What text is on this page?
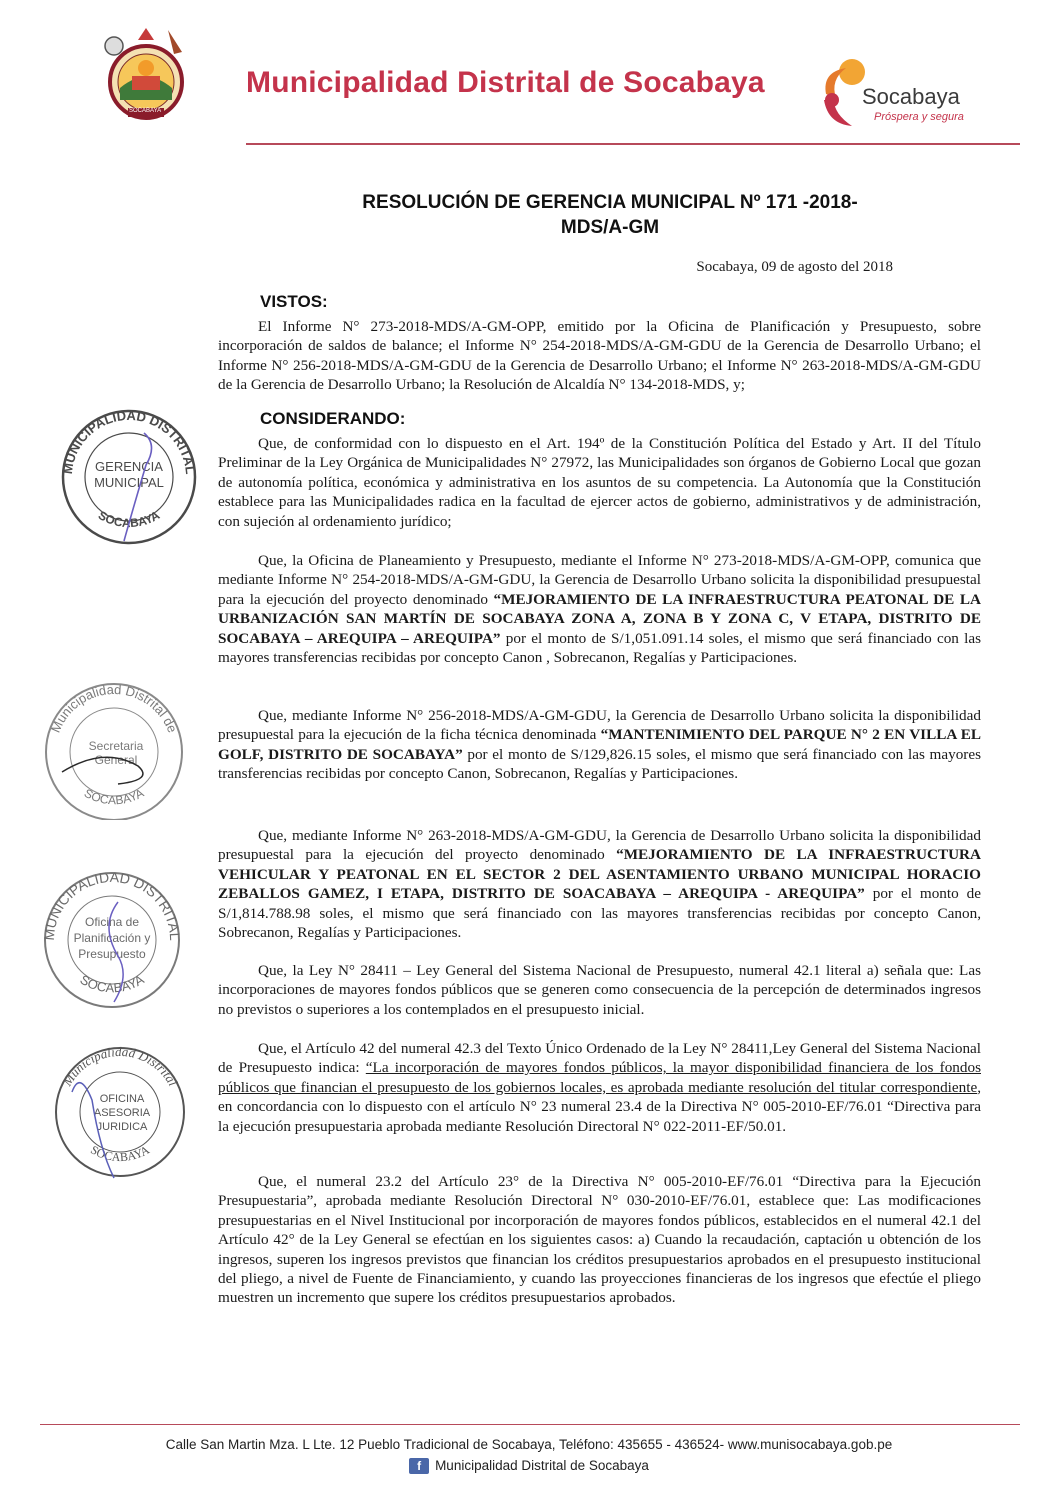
SOCABAYA
Municipalidad Distrital de Socabaya	Socabaya
Próspera y segura
RESOLUCIÓN DE GERENCIA MUNICIPAL Nº 171 -2018-
MDS/A-GM
Socabaya, 09 de agosto del 2018
VISTOS:
El Informe N° 273-2018-MDS/A-GM-OPP, emitido por la Oficina de Planificación y Presupuesto, sobre incorporación de saldos de balance; el Informe N° 254-2018-MDS/A-GM-GDU de la Gerencia de Desarrollo Urbano; el Informe N° 256-2018-MDS/A-GM-GDU de la Gerencia de Desarrollo Urbano; el Informe N° 263-2018-MDS/A-GM-GDU de la Gerencia de Desarrollo Urbano; la Resolución de Alcaldía N° 134-2018-MDS, y;
CONSIDERANDO:
Que, de conformidad con lo dispuesto en el Art. 194º de la Constitución Política del Estado y Art. II del Título Preliminar de la Ley Orgánica de Municipalidades N° 27972, las Municipalidades son órganos de Gobierno Local que gozan de autonomía política, económica y administrativa en los asuntos de su competencia. La Autonomía que la Constitución establece para las Municipalidades radica en la facultad de ejercer actos de gobierno, administrativos y de administración, con sujeción al ordenamiento jurídico;
Que, la Oficina de Planeamiento y Presupuesto, mediante el Informe N° 273-2018-MDS/A-GM-OPP, comunica que mediante Informe N° 254-2018-MDS/A-GM-GDU, la Gerencia de Desarrollo Urbano solicita la disponibilidad presupuestal para la ejecución del proyecto denominado “MEJORAMIENTO DE LA INFRAESTRUCTURA PEATONAL DE LA URBANIZACIÓN SAN MARTÍN DE SOCABAYA ZONA A, ZONA B Y ZONA C, V ETAPA, DISTRITO DE SOCABAYA – AREQUIPA – AREQUIPA” por el monto de S/1,051.091.14 soles, el mismo que será financiado con las mayores transferencias recibidas por concepto Canon , Sobrecanon, Regalías y Participaciones.
Que, mediante Informe N° 256-2018-MDS/A-GM-GDU, la Gerencia de Desarrollo Urbano solicita la disponibilidad presupuestal para la ejecución de la ficha técnica denominada “MANTENIMIENTO DEL PARQUE N° 2 EN VILLA EL GOLF, DISTRITO DE SOCABAYA” por el monto de S/129,826.15 soles, el mismo que será financiado con las mayores transferencias recibidas por concepto Canon, Sobrecanon, Regalías y Participaciones.
Que, mediante Informe N° 263-2018-MDS/A-GM-GDU, la Gerencia de Desarrollo Urbano solicita la disponibilidad presupuestal para la ejecución del proyecto denominado “MEJORAMIENTO DE LA INFRAESTRUCTURA VEHICULAR Y PEATONAL EN EL SECTOR 2 DEL ASENTAMIENTO URBANO MUNICIPAL HORACIO ZEBALLOS GAMEZ, I ETAPA, DISTRITO DE SOACABAYA – AREQUIPA - AREQUIPA” por el monto de S/1,814.788.98 soles, el mismo que será financiado con las mayores transferencias recibidas por concepto Canon, Sobrecanon, Regalías y Participaciones.
Que, la Ley N° 28411 – Ley General del Sistema Nacional de Presupuesto, numeral 42.1 literal a) señala que: Las incorporaciones de mayores fondos públicos que se generen como consecuencia de la percepción de determinados ingresos no previstos o superiores a los contemplados en el presupuesto inicial.
Que, el Artículo 42 del numeral 42.3 del Texto Único Ordenado de la Ley N° 28411,Ley General del Sistema Nacional de Presupuesto indica: “La incorporación de mayores fondos públicos, la mayor disponibilidad financiera de los fondos públicos que financian el presupuesto de los gobiernos locales, es aprobada mediante resolución del titular correspondiente, en concordancia con lo dispuesto con el artículo N° 23 numeral 23.4 de la Directiva N° 005-2010-EF/76.01 “Directiva para la ejecución presupuestaria aprobada mediante Resolución Directoral N° 022-2011-EF/50.01.
Que, el numeral 23.2 del Artículo 23° de la Directiva N° 005-2010-EF/76.01 “Directiva para la Ejecución Presupuestaria”, aprobada mediante Resolución Directoral N° 030-2010-EF/76.01, establece que: Las modificaciones presupuestarias en el Nivel Institucional por incorporación de mayores fondos públicos, establecidos en el numeral 42.1 del Artículo 42° de la Ley General se efectúan en los siguientes casos: a) Cuando la recaudación, captación u obtención de los ingresos, superen los ingresos previstos que financian los créditos presupuestarios aprobados en el presupuesto institucional del pliego, a nivel de Fuente de Financiamiento, y cuando las proyecciones financieras de los ingresos que efectúe el pliego muestren un incremento que supere los créditos presupuestarios aprobados.
MUNICIPALIDAD DISTRITAL
SOCABAYA
GERENCIA
MUNICIPAL
Municipalidad Distrital de
SOCABAYA
Secretaria
General
MUNICIPALIDAD DISTRITAL
SOCABAYA
Oficina de
Planificación y
Presupuesto
Municipalidad Distrital
SOCABAYA
OFICINA
ASESORIA
JURIDICA
Calle San Martin Mza. L Lte. 12 Pueblo Tradicional de Socabaya, Teléfono: 435655 - 436524- www.munisocabaya.gob.pe
f Municipalidad Distrital de Socabaya
